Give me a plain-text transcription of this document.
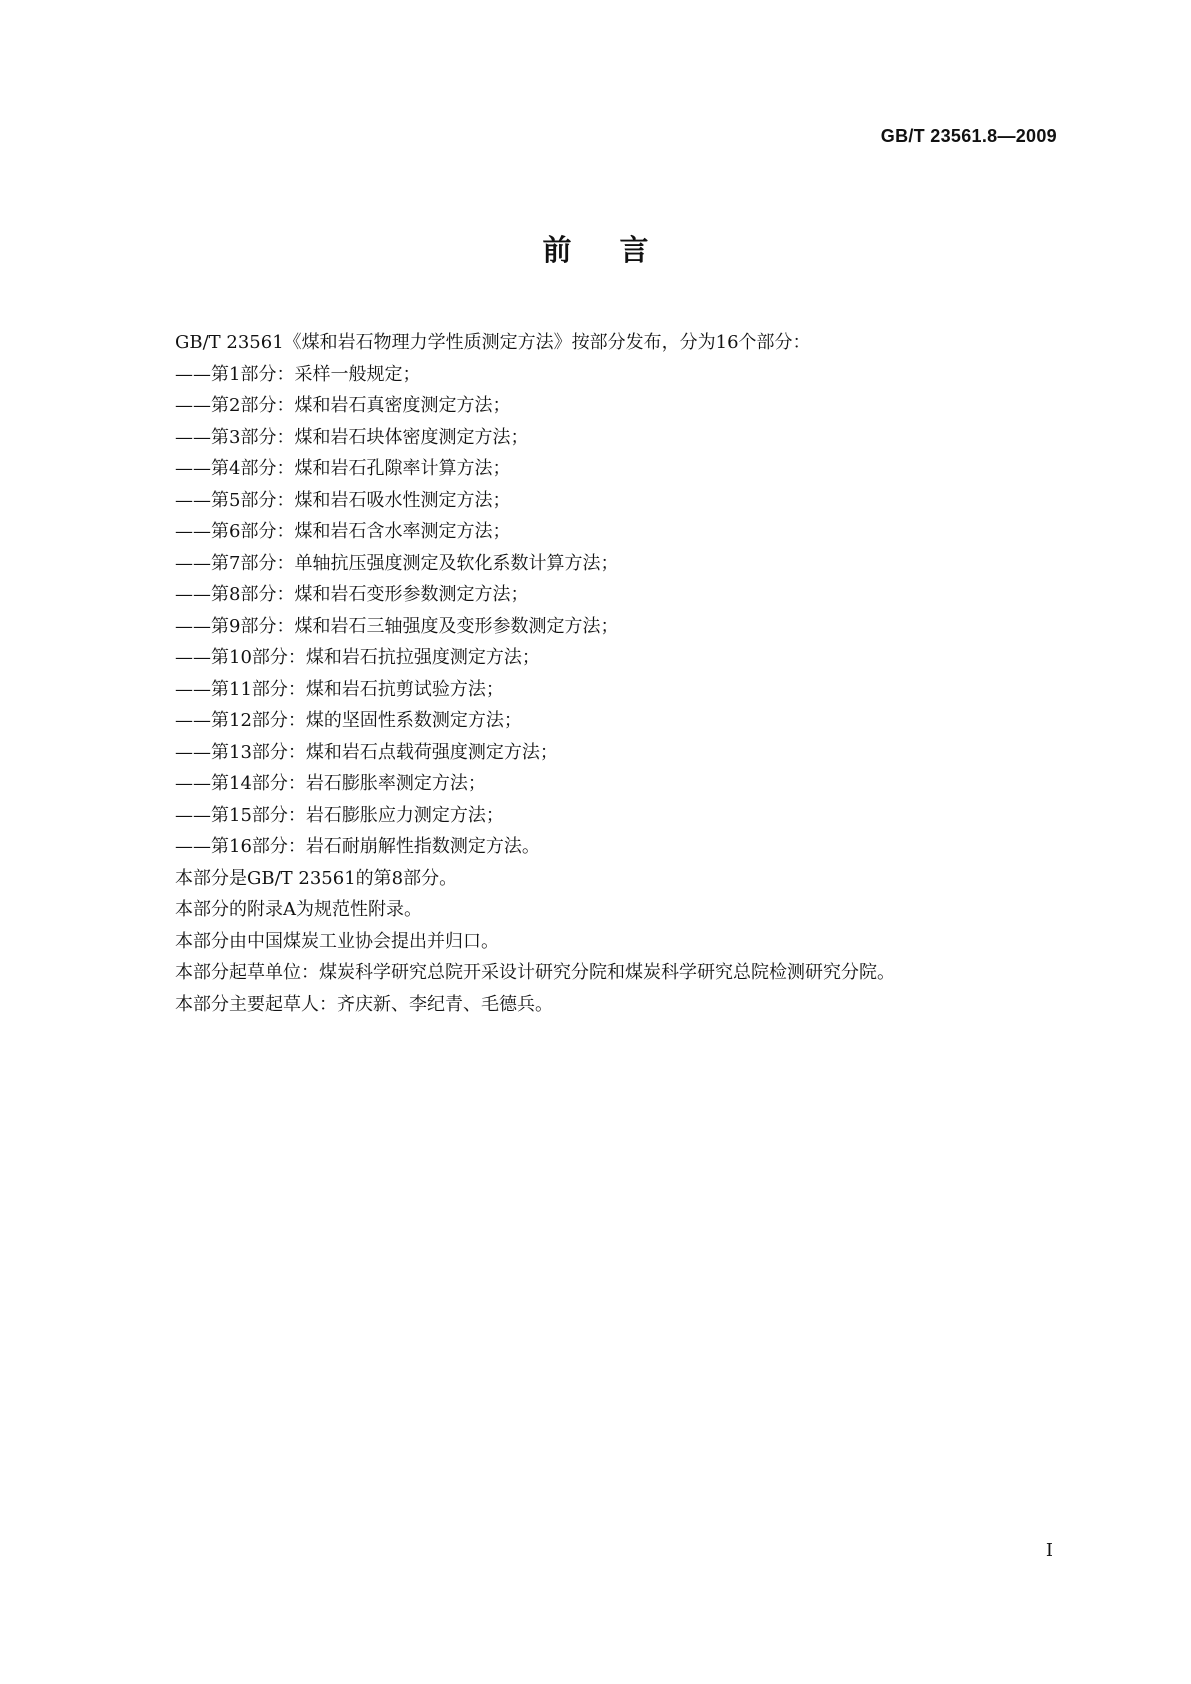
GB/T 23561.8—2009
前言
GB/T 23561《煤和岩石物理力学性质测定方法》按部分发布，分为16个部分：
——第1部分：采样一般规定；
——第2部分：煤和岩石真密度测定方法；
——第3部分：煤和岩石块体密度测定方法；
——第4部分：煤和岩石孔隙率计算方法；
——第5部分：煤和岩石吸水性测定方法；
——第6部分：煤和岩石含水率测定方法；
——第7部分：单轴抗压强度测定及软化系数计算方法；
——第8部分：煤和岩石变形参数测定方法；
——第9部分：煤和岩石三轴强度及变形参数测定方法；
——第10部分：煤和岩石抗拉强度测定方法；
——第11部分：煤和岩石抗剪试验方法；
——第12部分：煤的坚固性系数测定方法；
——第13部分：煤和岩石点载荷强度测定方法；
——第14部分：岩石膨胀率测定方法；
——第15部分：岩石膨胀应力测定方法；
——第16部分：岩石耐崩解性指数测定方法。
本部分是GB/T 23561的第8部分。
本部分的附录A为规范性附录。
本部分由中国煤炭工业协会提出并归口。
本部分起草单位：煤炭科学研究总院开采设计研究分院和煤炭科学研究总院检测研究分院。
本部分主要起草人：齐庆新、李纪青、毛德兵。
I
